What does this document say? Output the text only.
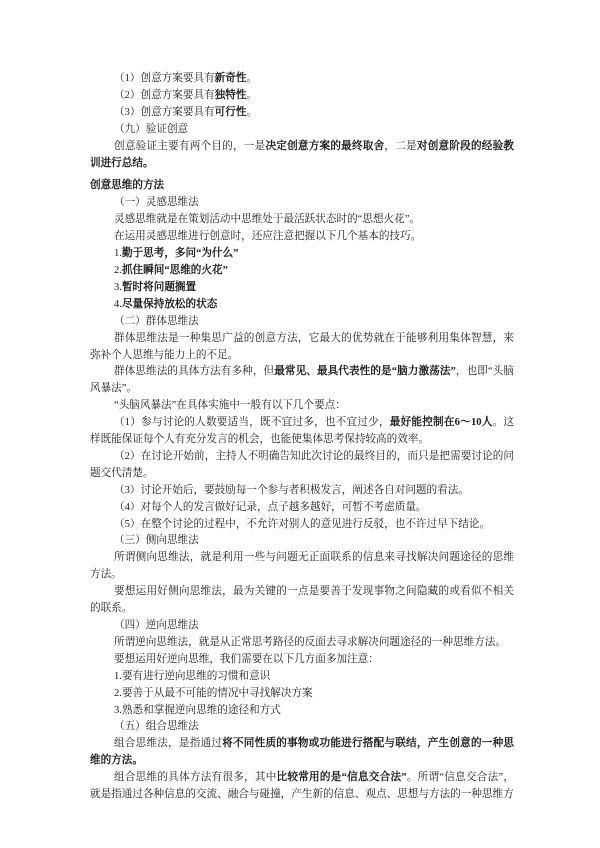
（1）创意方案要具有新奇性。

（2）创意方案要具有独特性。

（3）创意方案要具有可行性。

（九）验证创意

创意验证主要有两个目的，一是决定创意方案的最终取舍，二是对创意阶段的经验教训进行总结。

创意思维的方法

（一）灵感思维法

灵感思维就是在策划活动中思维处于最活跃状态时的“思想火花”。

在运用灵感思维进行创意时，还应注意把握以下几个基本的技巧。

1.勤于思考，多问“为什么”

2.抓住瞬间“思维的火花”

3.暂时将问题搁置

4.尽量保持放松的状态

（二）群体思维法

群体思维法是一种集思广益的创意方法，它最大的优势就在于能够利用集体智慧，来弥补个人思维与能力上的不足。

群体思维法的具体方法有多种，但最常见、最具代表性的是“脑力激荡法”，也即“头脑风暴法”。

“头脑风暴法”在具体实施中一般有以下几个要点：

（1）参与讨论的人数要适当，既不宜过多，也不宜过少，最好能控制在6～10人。这样既能保证每个人有充分发言的机会，也能使集体思考保持较高的效率。

（2）在讨论开始前，主持人不明确告知此次讨论的最终目的，而只是把需要讨论的问题交代清楚。

（3）讨论开始后，要鼓励每一个参与者积极发言，阐述各自对问题的看法。

（4）对每个人的发言做好记录，点子越多越好，可暂不考虑质量。

（5）在整个讨论的过程中，不允许对别人的意见进行反驳，也不许过早下结论。

（三）侧向思维法

所谓侧向思维法，就是利用一些与问题无正面联系的信息来寻找解决问题途径的思维方法。

要想运用好侧向思维法，最为关键的一点是要善于发现事物之间隐藏的或看似不相关的联系。

（四）逆向思维法

所谓逆向思维法，就是从正常思考路径的反面去寻求解决问题途径的一种思维方法。

要想运用好逆向思维，我们需要在以下几方面多加注意：

1.要有进行逆向思维的习惯和意识

2.要善于从最不可能的情况中寻找解决方案

3.熟悉和掌握逆向思维的途径和方式

（五）组合思维法

组合思维法，是指通过将不同性质的事物或功能进行搭配与联结，产生创意的一种思维的方法。

组合思维的具体方法有很多，其中比较常用的是“信息交合法”。所谓“信息交合法”，就是指通过各种信息的交流、融合与碰撞，产生新的信息、观点、思想与方法的一种思维方
